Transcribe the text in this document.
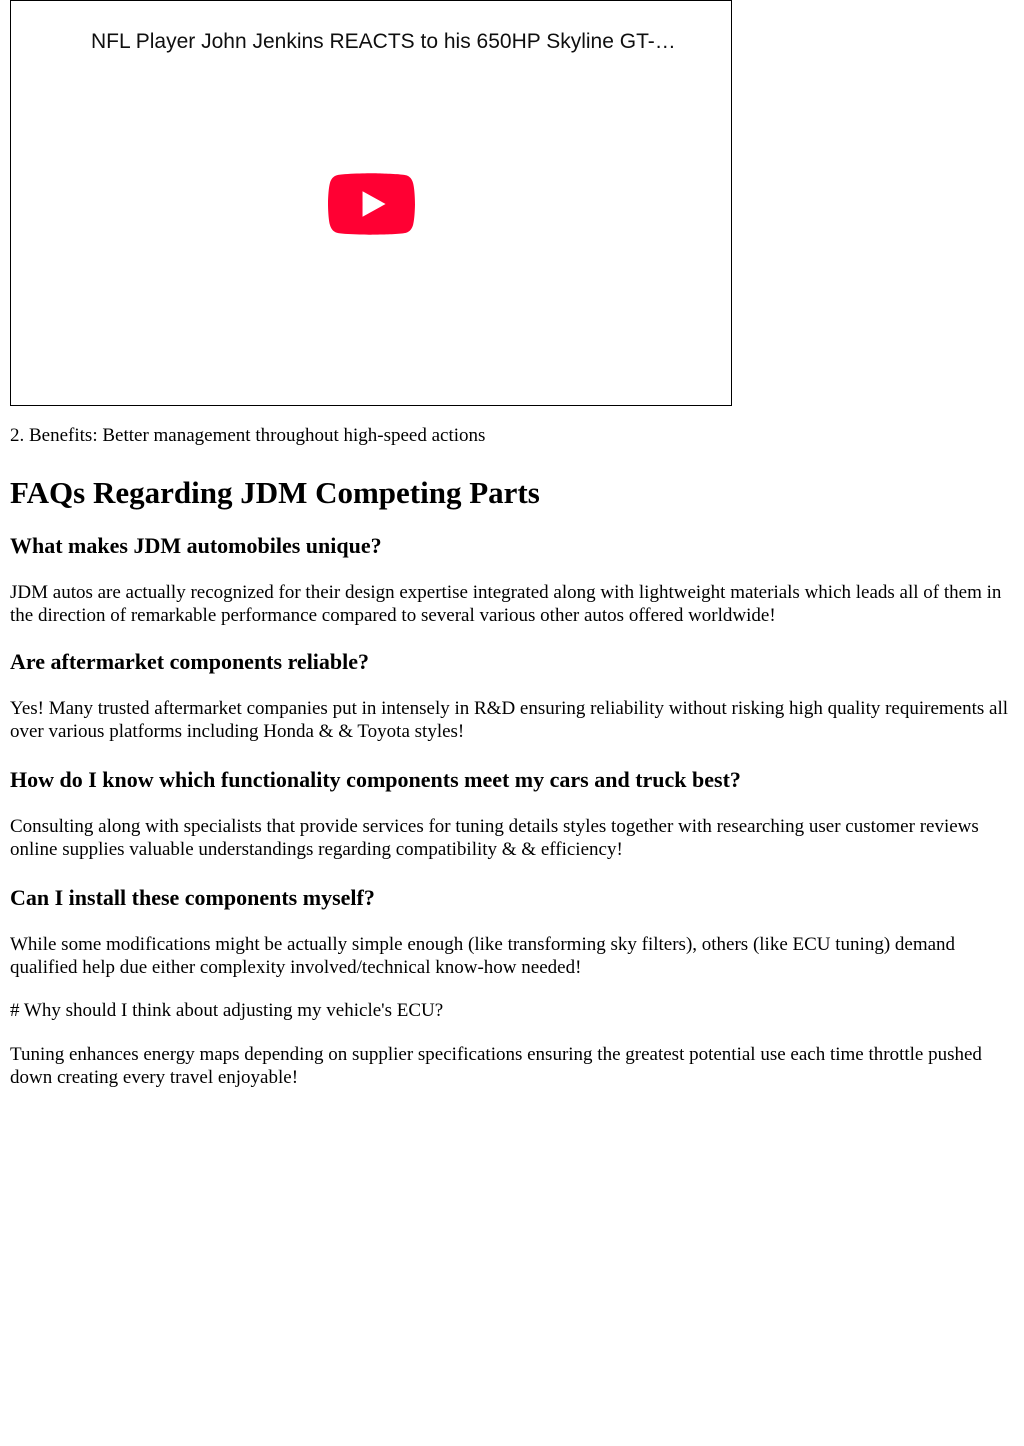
NFL Player John Jenkins REACTS to his 650HP Skyline GT-…

2. Benefits: Better management throughout high-speed actions

FAQs Regarding JDM Competing Parts
What makes JDM automobiles unique?

JDM autos are actually recognized for their design expertise integrated along with lightweight materials which leads all of them in the direction of remarkable performance compared to several various other autos offered worldwide!

Are aftermarket components reliable?

Yes! Many trusted aftermarket companies put in intensely in R&D ensuring reliability without risking high quality requirements all over various platforms including Honda & & Toyota styles!

How do I know which functionality components meet my cars and truck best?

Consulting along with specialists that provide services for tuning details styles together with researching user customer reviews online supplies valuable understandings regarding compatibility & & efficiency!

Can I install these components myself?

While some modifications might be actually simple enough (like transforming sky filters), others (like ECU tuning) demand qualified help due either complexity involved/technical know-how needed!

# Why should I think about adjusting my vehicle's ECU?

Tuning enhances energy maps depending on supplier specifications ensuring the greatest potential use each time throttle pushed down creating every travel enjoyable!
